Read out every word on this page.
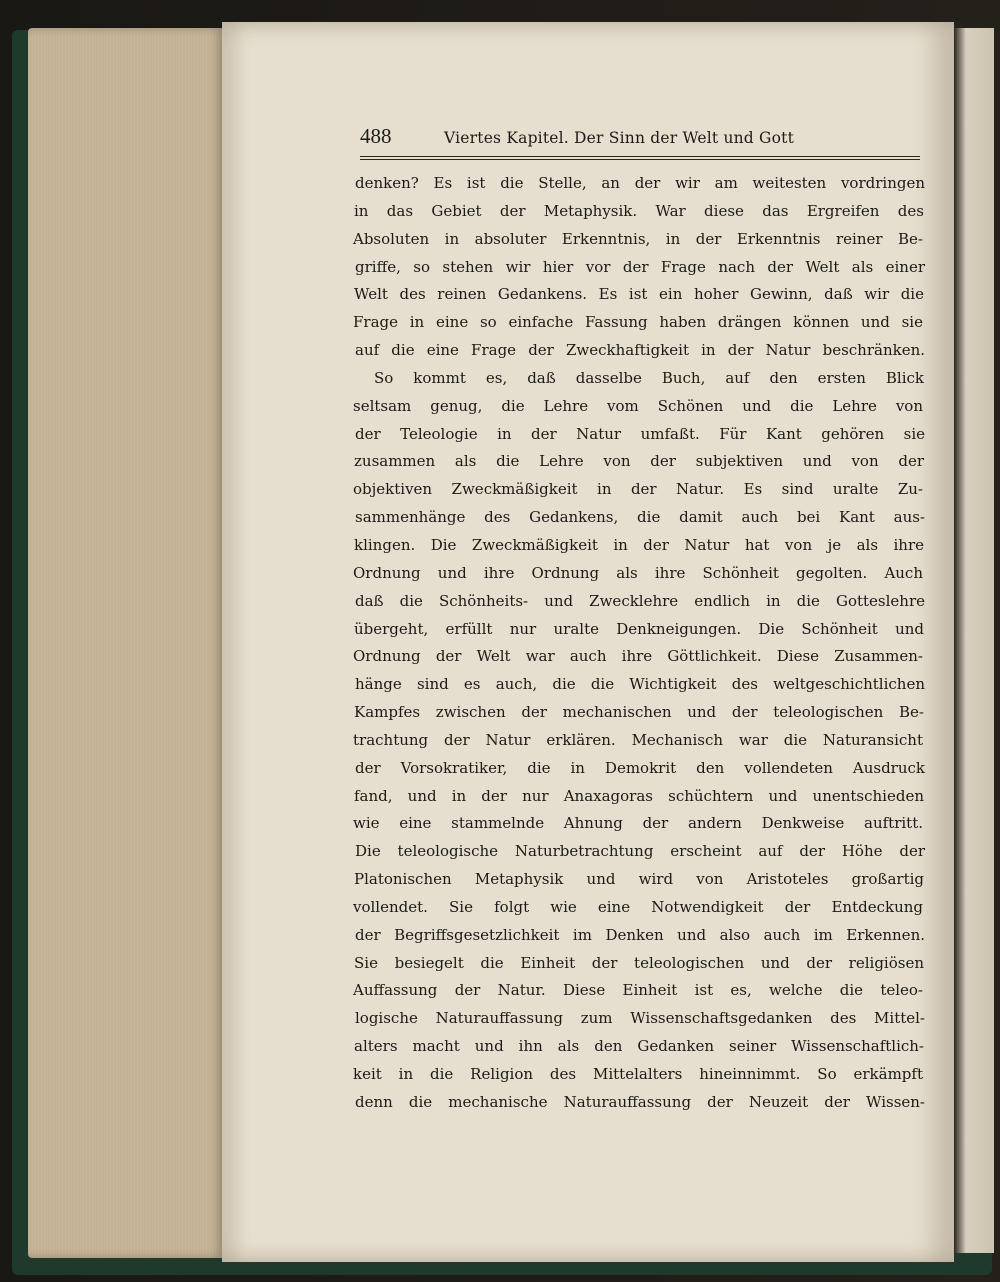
488	Viertes Kapitel. Der Sinn der Welt und Gott
denken? Es ist die Stelle, an der wir am weitesten vordringen
in das Gebiet der Metaphysik. War diese das Ergreifen des
Absoluten in absoluter Erkenntnis, in der Erkenntnis reiner Be-
griffe, so stehen wir hier vor der Frage nach der Welt als einer
Welt des reinen Gedankens. Es ist ein hoher Gewinn, daß wir die
Frage in eine so einfache Fassung haben drängen können und sie
auf die eine Frage der Zweckhaftigkeit in der Natur beschränken.
So kommt es, daß dasselbe Buch, auf den ersten Blick
seltsam genug, die Lehre vom Schönen und die Lehre von
der Teleologie in der Natur umfaßt. Für Kant gehören sie
zusammen als die Lehre von der subjektiven und von der
objektiven Zweckmäßigkeit in der Natur. Es sind uralte Zu-
sammenhänge des Gedankens, die damit auch bei Kant aus-
klingen. Die Zweckmäßigkeit in der Natur hat von je als ihre
Ordnung und ihre Ordnung als ihre Schönheit gegolten. Auch
daß die Schönheits- und Zwecklehre endlich in die Gotteslehre
übergeht, erfüllt nur uralte Denkneigungen. Die Schönheit und
Ordnung der Welt war auch ihre Göttlichkeit. Diese Zusammen-
hänge sind es auch, die die Wichtigkeit des weltgeschichtlichen
Kampfes zwischen der mechanischen und der teleologischen Be-
trachtung der Natur erklären. Mechanisch war die Naturansicht
der Vorsokratiker, die in Demokrit den vollendeten Ausdruck
fand, und in der nur Anaxagoras schüchtern und unentschieden
wie eine stammelnde Ahnung der andern Denkweise auftritt.
Die teleologische Naturbetrachtung erscheint auf der Höhe der
Platonischen Metaphysik und wird von Aristoteles großartig
vollendet. Sie folgt wie eine Notwendigkeit der Entdeckung
der Begriffsgesetzlichkeit im Denken und also auch im Erkennen.
Sie besiegelt die Einheit der teleologischen und der religiösen
Auffassung der Natur. Diese Einheit ist es, welche die teleo-
logische Naturauffassung zum Wissenschaftsgedanken des Mittel-
alters macht und ihn als den Gedanken seiner Wissenschaftlich-
keit in die Religion des Mittelalters hineinnimmt. So erkämpft
denn die mechanische Naturauffassung der Neuzeit der Wissen-
